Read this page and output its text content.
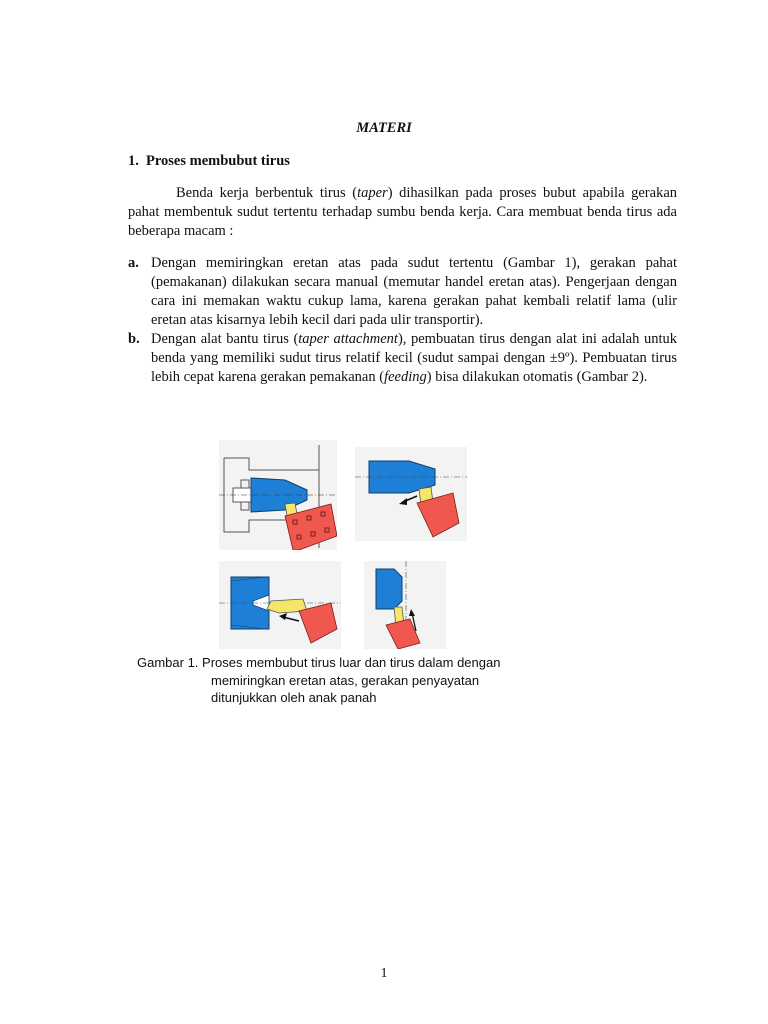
MATERI
1. Proses membubut tirus

Benda kerja berbentuk tirus (taper) dihasilkan pada proses bubut apabila gerakan pahat membentuk sudut tertentu terhadap sumbu benda kerja. Cara membuat benda tirus ada beberapa macam :

a. Dengan memiringkan eretan atas pada sudut tertentu (Gambar 1), gerakan pahat (pemakanan) dilakukan secara manual (memutar handel eretan atas). Pengerjaan dengan cara ini memakan waktu cukup lama, karena gerakan pahat kembali relatif lama (ulir eretan atas kisarnya lebih kecil dari pada ulir transportir).
b. Dengan alat bantu tirus (taper attachment), pembuatan tirus dengan alat ini adalah untuk benda yang memiliki sudut tirus relatif kecil (sudut sampai dengan ±9º). Pembuatan tirus lebih cepat karena gerakan pemakanan (feeding) bisa dilakukan otomatis (Gambar 2).

Gambar 1. Proses membubut tirus luar dan tirus dalam dengan

memiringkan eretan atas, gerakan penyayatan
ditunjukkan oleh anak panah

1
